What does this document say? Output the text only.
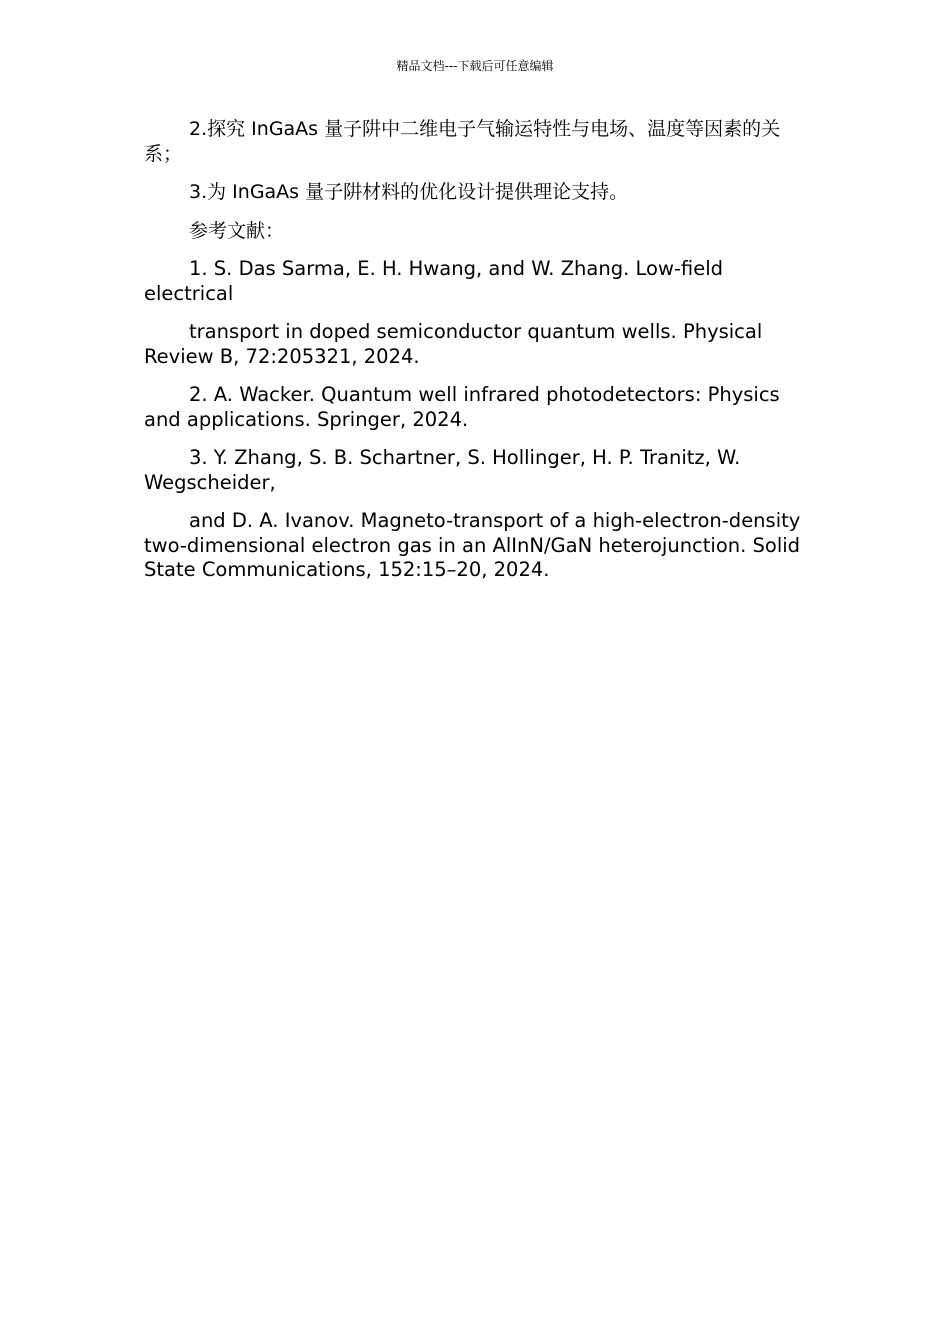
精品文档---下载后可任意编辑

2.探究 InGaAs 量子阱中二维电子气输运特性与电场、温度等因素的关系；

3.为 InGaAs 量子阱材料的优化设计提供理论支持。

参考文献：

1. S. Das Sarma, E. H. Hwang, and W. Zhang. Low-field electrical

transport in doped semiconductor quantum wells. Physical Review B, 72:205321, 2024.

2. A. Wacker. Quantum well infrared photodetectors: Physics and applications. Springer, 2024.

3. Y. Zhang, S. B. Schartner, S. Hollinger, H. P. Tranitz, W. Wegscheider,

and D. A. Ivanov. Magneto-transport of a high-electron-density two-dimensional electron gas in an AlInN/GaN heterojunction. Solid State Communications, 152:15–20, 2024.
